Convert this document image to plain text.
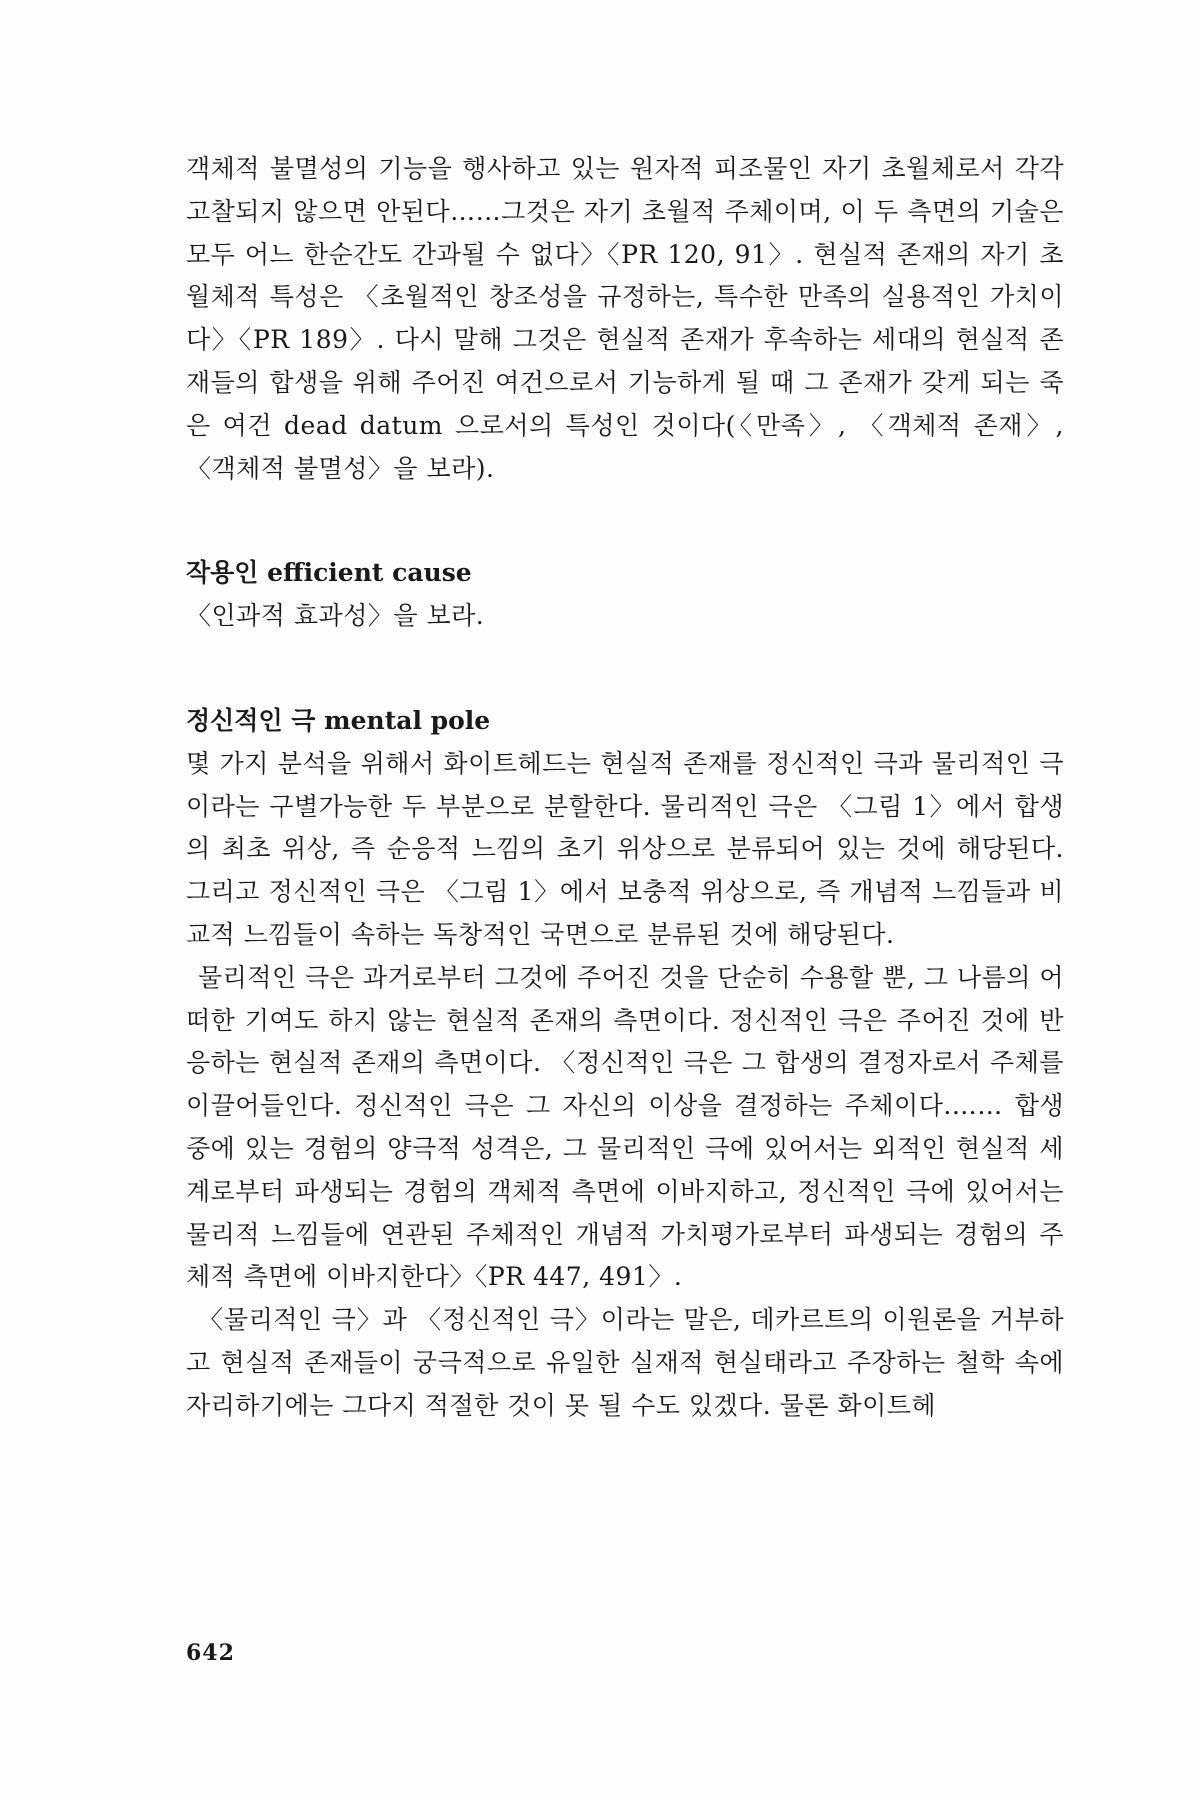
객체적 불멸성의 기능을 행사하고 있는 원자적 피조물인 자기 초월체로서 각각 고찰되지 않으면 안된다……그것은 자기 초월적 주체이며, 이 두 측면의 기술은 모두 어느 한순간도 간과될 수 없다〉〈PR 120, 91〉. 현실적 존재의 자기 초월체적 특성은 〈초월적인 창조성을 규정하는, 특수한 만족의 실용적인 가치이다〉〈PR 189〉. 다시 말해 그것은 현실적 존재가 후속하는 세대의 현실적 존재들의 합생을 위해 주어진 여건으로서 기능하게 될 때 그 존재가 갖게 되는 죽은 여건 dead datum 으로서의 특성인 것이다(〈만족〉, 〈객체적 존재〉, 〈객체적 불멸성〉을 보라).

작용인 efficient cause

〈인과적 효과성〉을 보라.

정신적인 극 mental pole

몇 가지 분석을 위해서 화이트헤드는 현실적 존재를 정신적인 극과 물리적인 극이라는 구별가능한 두 부분으로 분할한다. 물리적인 극은 〈그림 1〉에서 합생의 최초 위상, 즉 순응적 느낌의 초기 위상으로 분류되어 있는 것에 해당된다. 그리고 정신적인 극은 〈그림 1〉에서 보충적 위상으로, 즉 개념적 느낌들과 비교적 느낌들이 속하는 독창적인 국면으로 분류된 것에 해당된다.

물리적인 극은 과거로부터 그것에 주어진 것을 단순히 수용할 뿐, 그 나름의 어떠한 기여도 하지 않는 현실적 존재의 측면이다. 정신적인 극은 주어진 것에 반응하는 현실적 존재의 측면이다. 〈정신적인 극은 그 합생의 결정자로서 주체를 이끌어들인다. 정신적인 극은 그 자신의 이상을 결정하는 주체이다.…… 합생 중에 있는 경험의 양극적 성격은, 그 물리적인 극에 있어서는 외적인 현실적 세계로부터 파생되는 경험의 객체적 측면에 이바지하고, 정신적인 극에 있어서는 물리적 느낌들에 연관된 주체적인 개념적 가치평가로부터 파생되는 경험의 주체적 측면에 이바지한다〉〈PR 447, 491〉.

〈물리적인 극〉과 〈정신적인 극〉이라는 말은, 데카르트의 이원론을 거부하고 현실적 존재들이 궁극적으로 유일한 실재적 현실태라고 주장하는 철학 속에 자리하기에는 그다지 적절한 것이 못 될 수도 있겠다. 물론 화이트헤

642
